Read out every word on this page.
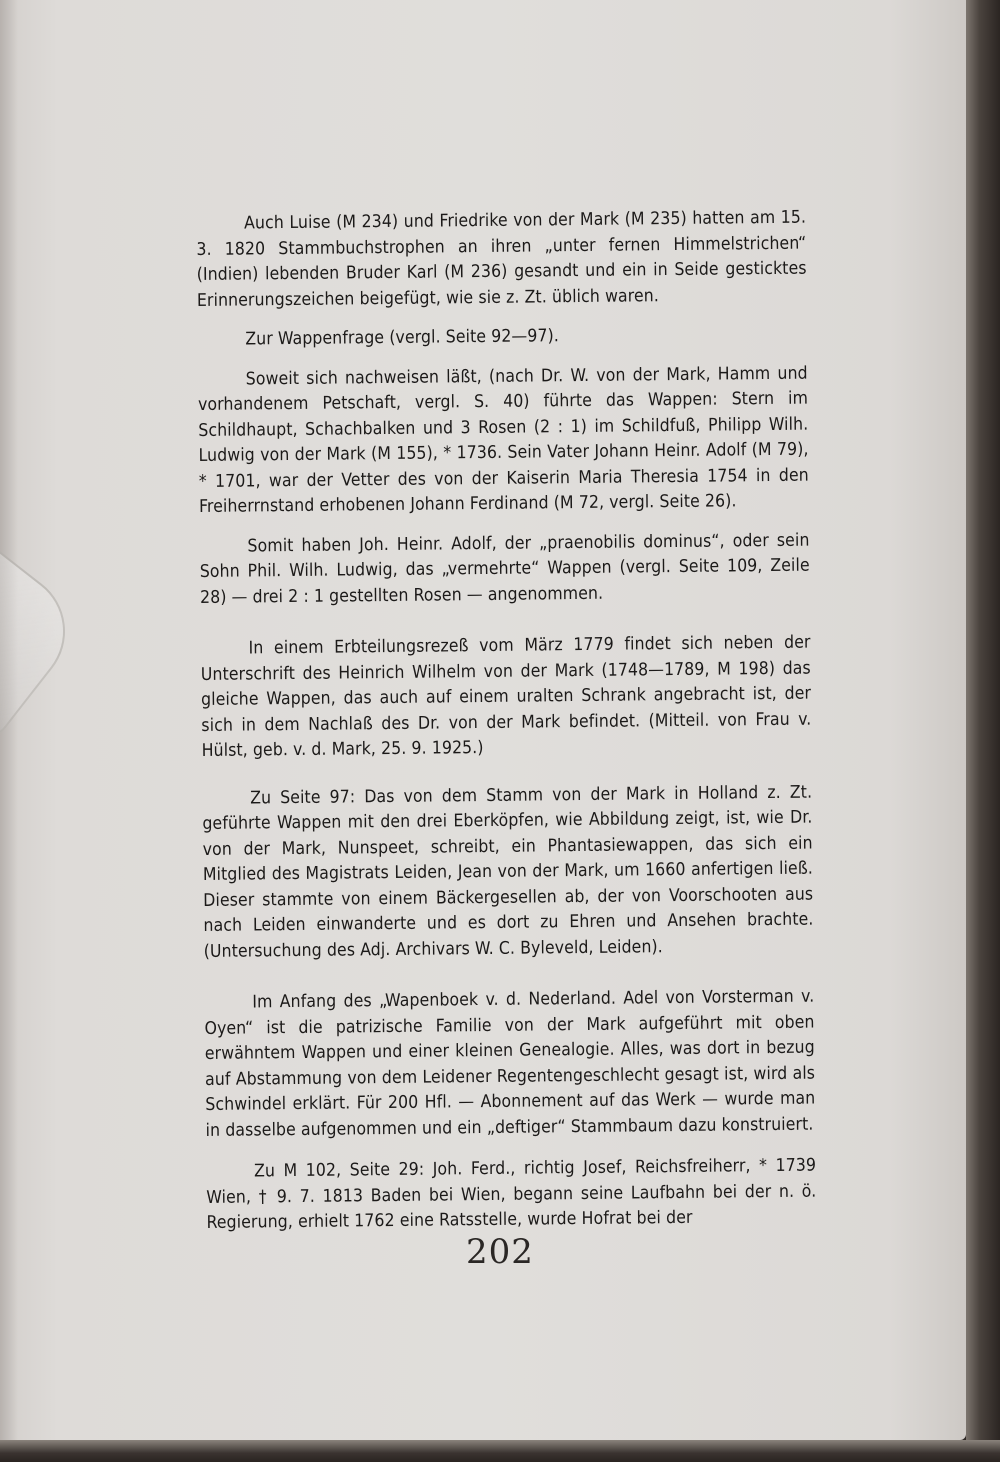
Auch Luise (M 234) und Friedrike von der Mark (M 235) hatten am 15. 3. 1820 Stammbuchstrophen an ihren „unter fernen Himmelstrichen“ (Indien) lebenden Bruder Karl (M 236) gesandt und ein in Seide gesticktes Erinnerungszeichen beigefügt, wie sie z. Zt. üblich waren.

Zur Wappenfrage (vergl. Seite 92—97).

Soweit sich nachweisen läßt, (nach Dr. W. von der Mark, Hamm und vorhandenem Petschaft, vergl. S. 40) führte das Wappen: Stern im Schildhaupt, Schachbalken und 3 Rosen (2 : 1) im Schildfuß, Philipp Wilh. Ludwig von der Mark (M 155), * 1736. Sein Vater Johann Heinr. Adolf (M 79), * 1701, war der Vetter des von der Kaiserin Maria Theresia 1754 in den Freiherrnstand erhobenen Johann Ferdinand (M 72, vergl. Seite 26).

Somit haben Joh. Heinr. Adolf, der „praenobilis dominus“, oder sein Sohn Phil. Wilh. Ludwig, das „vermehrte“ Wappen (vergl. Seite 109, Zeile 28) — drei 2 : 1 gestellten Rosen — angenommen.

In einem Erbteilungsrezeß vom März 1779 findet sich neben der Unterschrift des Heinrich Wilhelm von der Mark (1748—1789, M 198) das gleiche Wappen, das auch auf einem uralten Schrank angebracht ist, der sich in dem Nachlaß des Dr. von der Mark befindet. (Mitteil. von Frau v. Hülst, geb. v. d. Mark, 25. 9. 1925.)

Zu Seite 97: Das von dem Stamm von der Mark in Holland z. Zt. geführte Wappen mit den drei Eberköpfen, wie Abbildung zeigt, ist, wie Dr. von der Mark, Nunspeet, schreibt, ein Phantasiewappen, das sich ein Mitglied des Magistrats Leiden, Jean von der Mark, um 1660 anfertigen ließ. Dieser stammte von einem Bäckergesellen ab, der von Voorschooten aus nach Leiden einwanderte und es dort zu Ehren und Ansehen brachte. (Untersuchung des Adj. Archivars W. C. Byleveld, Leiden).

Im Anfang des „Wapenboek v. d. Nederland. Adel von Vorsterman v. Oyen“ ist die patrizische Familie von der Mark aufgeführt mit oben erwähntem Wappen und einer kleinen Genealogie. Alles, was dort in bezug auf Abstammung von dem Leidener Regentengeschlecht gesagt ist, wird als Schwindel erklärt. Für 200 Hfl. — Abonnement auf das Werk — wurde man in dasselbe aufgenommen und ein „deftiger“ Stammbaum dazu konstruiert.

Zu M 102, Seite 29: Joh. Ferd., richtig Josef, Reichsfreiherr, * 1739 Wien, † 9. 7. 1813 Baden bei Wien, begann seine Laufbahn bei der n. ö. Regierung, erhielt 1762 eine Ratsstelle, wurde Hofrat bei der

202
